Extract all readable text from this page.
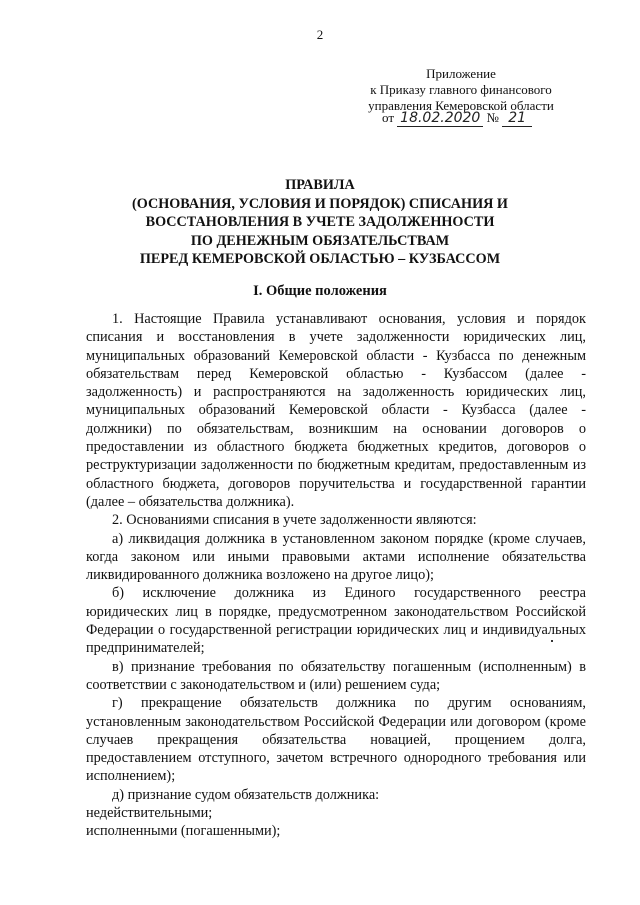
2
Приложение
к Приказу главного финансового
управления Кемеровской области
от 18.02.2020 № 21
ПРАВИЛА
(ОСНОВАНИЯ, УСЛОВИЯ И ПОРЯДОК) СПИСАНИЯ И
ВОССТАНОВЛЕНИЯ В УЧЕТЕ ЗАДОЛЖЕННОСТИ
ПО ДЕНЕЖНЫМ ОБЯЗАТЕЛЬСТВАМ
ПЕРЕД КЕМЕРОВСКОЙ ОБЛАСТЬЮ – КУЗБАССОМ
I. Общие положения
1. Настоящие Правила устанавливают основания, условия и порядок
списания и восстановления в учете задолженности юридических лиц,
муниципальных образований Кемеровской области - Кузбасса по денежным
обязательствам перед Кемеровской областью - Кузбассом (далее -
задолженность) и распространяются на задолженность юридических лиц,
муниципальных образований Кемеровской области - Кузбасса (далее -
должники) по обязательствам, возникшим на основании договоров о
предоставлении из областного бюджета бюджетных кредитов, договоров о
реструктуризации задолженности по бюджетным кредитам, предоставленным из
областного бюджета, договоров поручительства и государственной гарантии
(далее – обязательства должника).
2. Основаниями списания в учете задолженности являются:
а) ликвидация должника в установленном законом порядке (кроме случаев,
когда законом или иными правовыми актами исполнение обязательства
ликвидированного должника возложено на другое лицо);
б) исключение должника из Единого государственного реестра
юридических лиц в порядке, предусмотренном законодательством Российской
Федерации о государственной регистрации юридических лиц и индивидуальных
предпринимателей;
в) признание требования по обязательству погашенным (исполненным) в
соответствии с законодательством и (или) решением суда;
г) прекращение обязательств должника по другим основаниям,
установленным законодательством Российской Федерации или договором (кроме
случаев прекращения обязательства новацией, прощением долга,
предоставлением отступного, зачетом встречного однородного требования или
исполнением);
д) признание судом обязательств должника:
недействительными;
исполненными (погашенными);
